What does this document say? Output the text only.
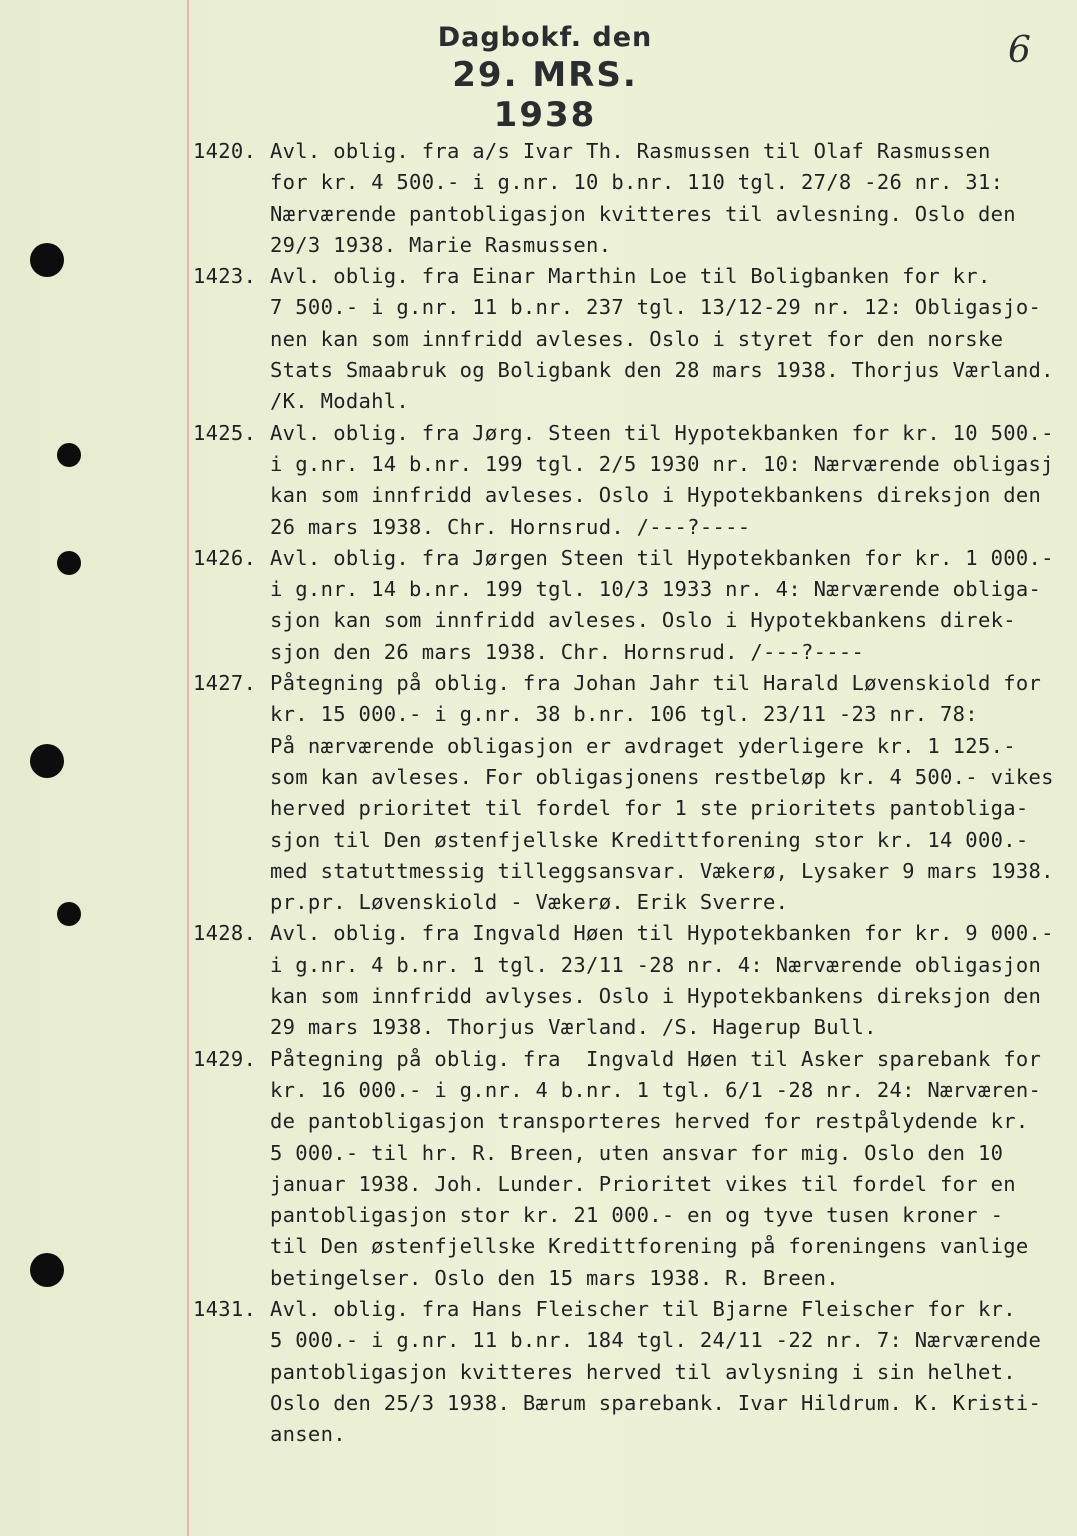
Dagbokf. den
29. MRS. 1938
6
1420. Avl. oblig. fra a/s Ivar Th. Rasmussen til Olaf Rasmussen
for kr. 4 500.- i g.nr. 10 b.nr. 110 tgl. 27/8 -26 nr. 31:
Nærværende pantobligasjon kvitteres til avlesning. Oslo den
29/3 1938. Marie Rasmussen.
1423. Avl. oblig. fra Einar Marthin Loe til Boligbanken for kr.
7 500.- i g.nr. 11 b.nr. 237 tgl. 13/12-29 nr. 12: Obligasjo-
nen kan som innfridd avleses. Oslo i styret for den norske
Stats Smaabruk og Boligbank den 28 mars 1938. Thorjus Værland.
/K. Modahl.
1425. Avl. oblig. fra Jørg. Steen til Hypotekbanken for kr. 10 500.-
i g.nr. 14 b.nr. 199 tgl. 2/5 1930 nr. 10: Nærværende obligasj
kan som innfridd avleses. Oslo i Hypotekbankens direksjon den
26 mars 1938. Chr. Hornsrud. /---?----
1426. Avl. oblig. fra Jørgen Steen til Hypotekbanken for kr. 1 000.-
i g.nr. 14 b.nr. 199 tgl. 10/3 1933 nr. 4: Nærværende obliga-
sjon kan som innfridd avleses. Oslo i Hypotekbankens direk-
sjon den 26 mars 1938. Chr. Hornsrud. /---?----
1427. Påtegning på oblig. fra Johan Jahr til Harald Løvenskiold for
kr. 15 000.- i g.nr. 38 b.nr. 106 tgl. 23/11 -23 nr. 78:
På nærværende obligasjon er avdraget yderligere kr. 1 125.-
som kan avleses. For obligasjonens restbeløp kr. 4 500.- vikes
herved prioritet til fordel for 1 ste prioritets pantobliga-
sjon til Den østenfjellske Kredittforening stor kr. 14 000.-
med statuttmessig tilleggsansvar. Vækerø, Lysaker 9 mars 1938.
pr.pr. Løvenskiold - Vækerø. Erik Sverre.
1428. Avl. oblig. fra Ingvald Høen til Hypotekbanken for kr. 9 000.-
i g.nr. 4 b.nr. 1 tgl. 23/11 -28 nr. 4: Nærværende obligasjon
kan som innfridd avlyses. Oslo i Hypotekbankens direksjon den
29 mars 1938. Thorjus Værland. /S. Hagerup Bull.
1429. Påtegning på oblig. fra  Ingvald Høen til Asker sparebank for
kr. 16 000.- i g.nr. 4 b.nr. 1 tgl. 6/1 -28 nr. 24: Nærværen-
de pantobligasjon transporteres herved for restpålydende kr.
5 000.- til hr. R. Breen, uten ansvar for mig. Oslo den 10
januar 1938. Joh. Lunder. Prioritet vikes til fordel for en
pantobligasjon stor kr. 21 000.- en og tyve tusen kroner -
til Den østenfjellske Kredittforening på foreningens vanlige
betingelser. Oslo den 15 mars 1938. R. Breen.
1431. Avl. oblig. fra Hans Fleischer til Bjarne Fleischer for kr.
5 000.- i g.nr. 11 b.nr. 184 tgl. 24/11 -22 nr. 7: Nærværende
pantobligasjon kvitteres herved til avlysning i sin helhet.
Oslo den 25/3 1938. Bærum sparebank. Ivar Hildrum. K. Kristi-
ansen.
